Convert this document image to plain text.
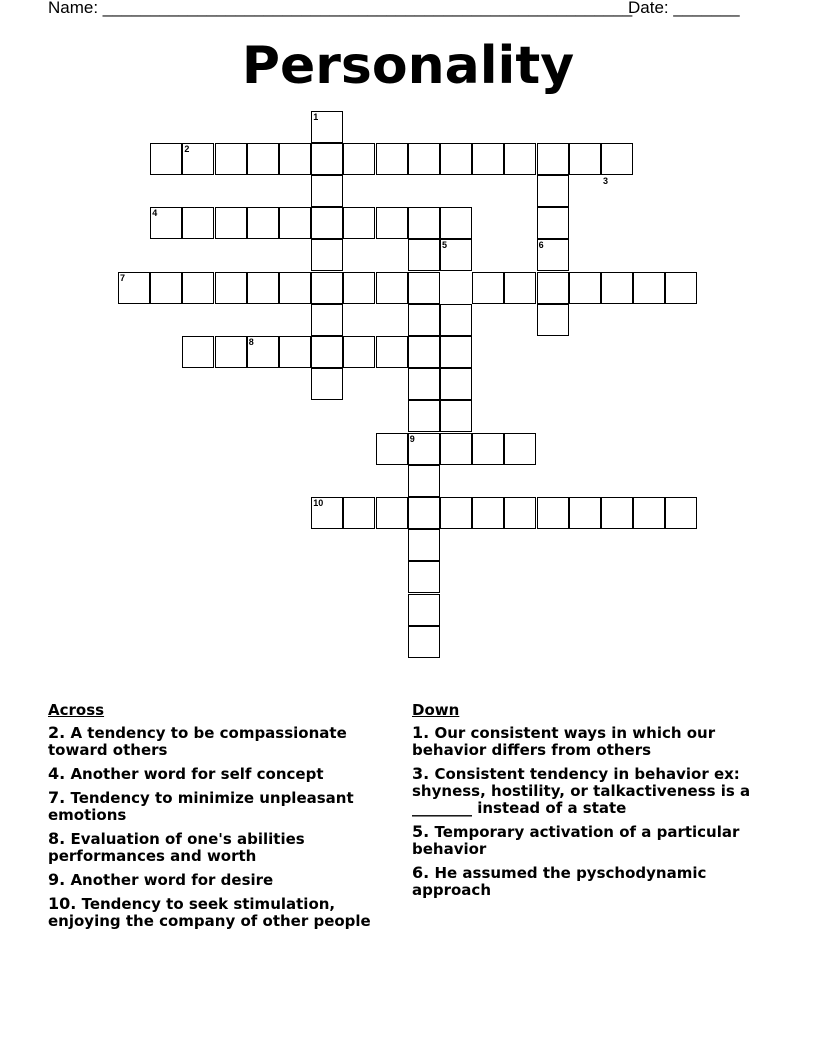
Name: ________________________________________________________
Date: _______
Personality
1
2
3
4
5	6
7
8
9
10
Across
2. A tendency to be compassionate toward others
4. Another word for self concept
7. Tendency to minimize unpleasant emotions
8. Evaluation of one's abilities performances and worth
9. Another word for desire
10. Tendency to seek stimulation, enjoying the company of other people
Down
1. Our consistent ways in which our behavior differs from others
3. Consistent tendency in behavior ex: shyness, hostility, or talkactiveness is a ________ instead of a state
5. Temporary activation of a particular behavior
6. He assumed the pyschodynamic approach
